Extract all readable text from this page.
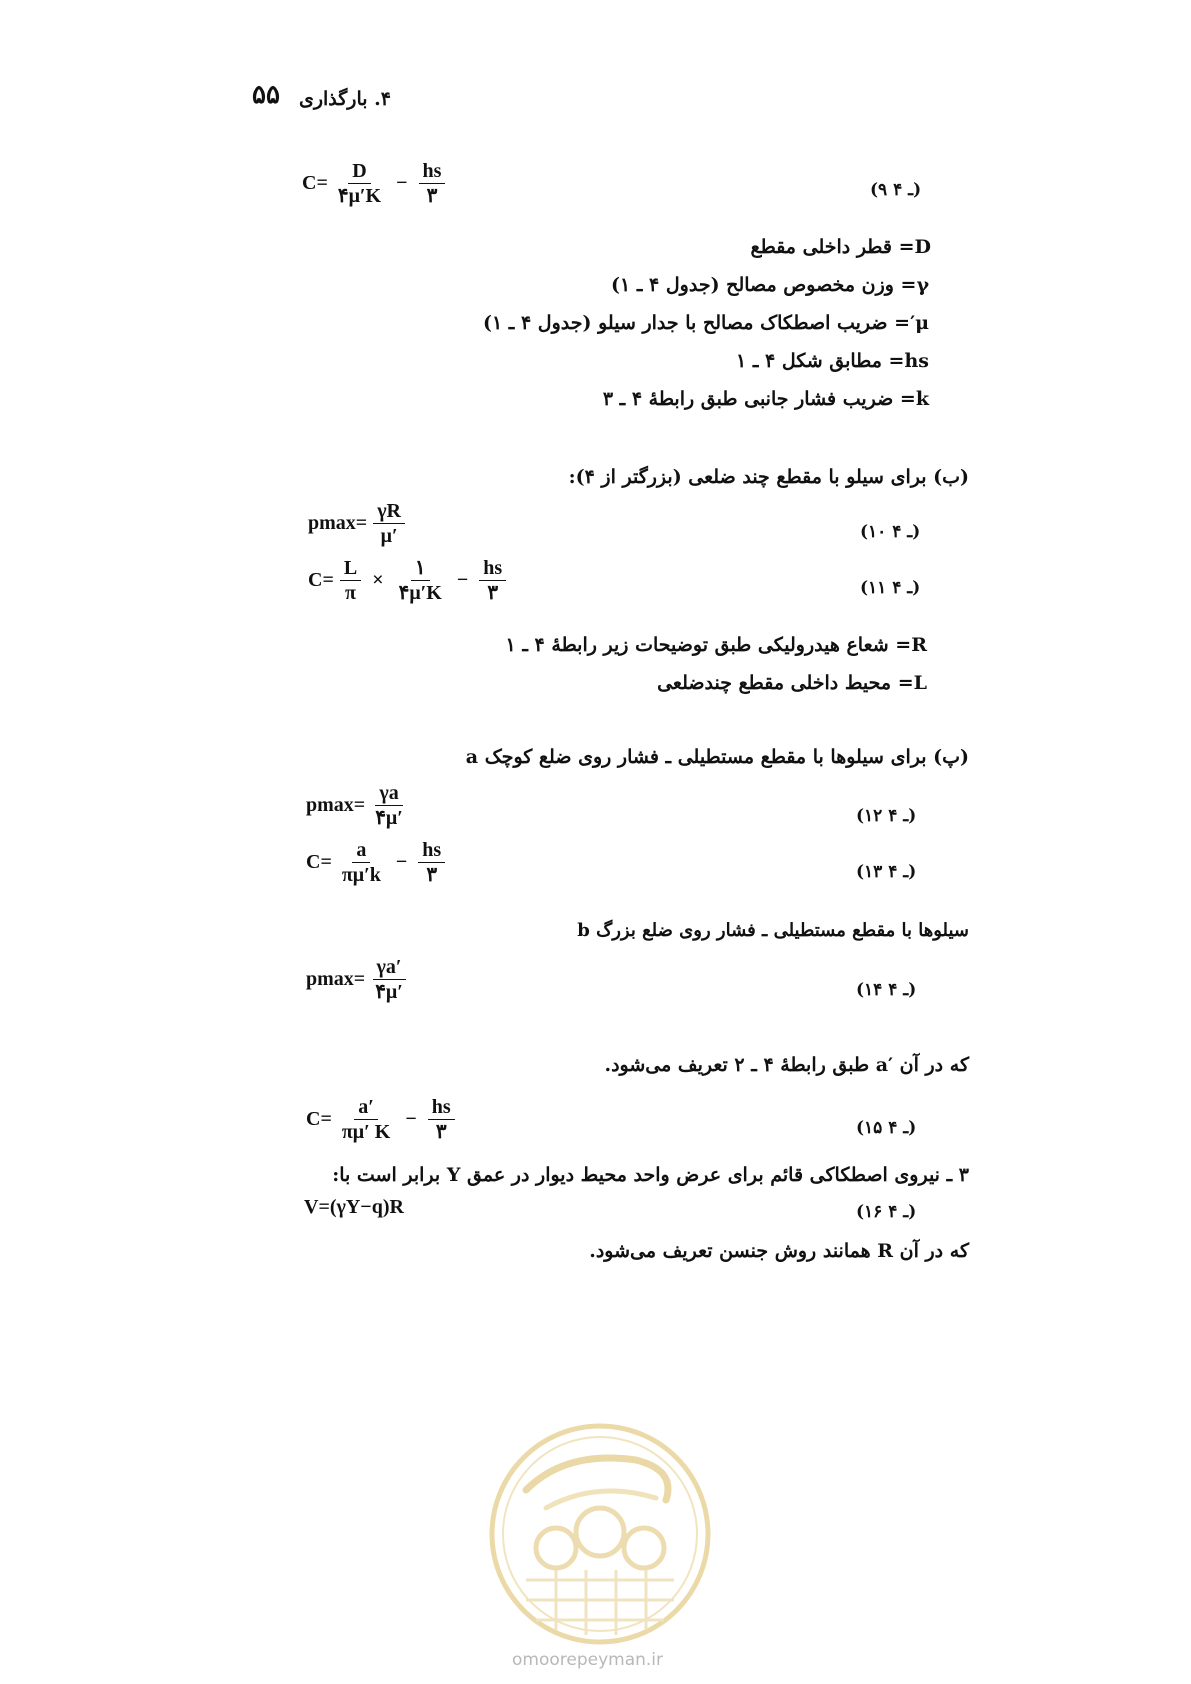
۵۵ ۴. بارگذاری
$C= \frac{D}{۴\mu'K} - \frac{hs}{۳}$	(۹ ـ ۴)
D= قطر داخلی مقطع
γ= وزن مخصوص مصالح (جدول ۴ ـ ۱)
μ′= ضریب اصطکاک مصالح با جدار سیلو (جدول ۴ ـ ۱)
hs= مطابق شکل ۴ ـ ۱
k= ضریب فشار جانبی طبق رابطهٔ ۴ ـ ۳
(ب) برای سیلو با مقطع چند ضلعی (بزرگتر از ۴):
$pmax= \frac{\gamma R}{\mu'}$	(۱۰ ـ ۴)
$C= \frac{L}{\pi} \times \frac{۱}{۴\mu'K} - \frac{hs}{۳}$	(۱۱ ـ ۴)
R= شعاع هیدرولیکی طبق توضیحات زیر رابطهٔ ۴ ـ ۱
L= محیط داخلی مقطع چندضلعی
(پ) برای سیلوها با مقطع مستطیلی ـ فشار روی ضلع کوچک a
$pmax= \frac{\gamma a}{۴\mu'}$	(۱۲ ـ ۴)
$C= \frac{a}{\pi\mu'k} - \frac{hs}{۳}$	(۱۳ ـ ۴)
سیلوها با مقطع مستطیلی ـ فشار روی ضلع بزرگ b
$pmax= \frac{\gamma a'}{۴\mu'}$	(۱۴ ـ ۴)
که در آن ′a طبق رابطهٔ ۴ ـ ۲ تعریف می‌شود.
$C= \frac{a'}{\pi\mu' K} - \frac{hs}{۳}$	(۱۵ ـ ۴)
۳ ـ نیروی اصطکاکی قائم برای عرض واحد محیط دیوار در عمق Y برابر است با:
V=(γY−q)R	(۱۶ ـ ۴)
که در آن R همانند روش جنسن تعریف می‌شود.
omoorepeyman.ir
